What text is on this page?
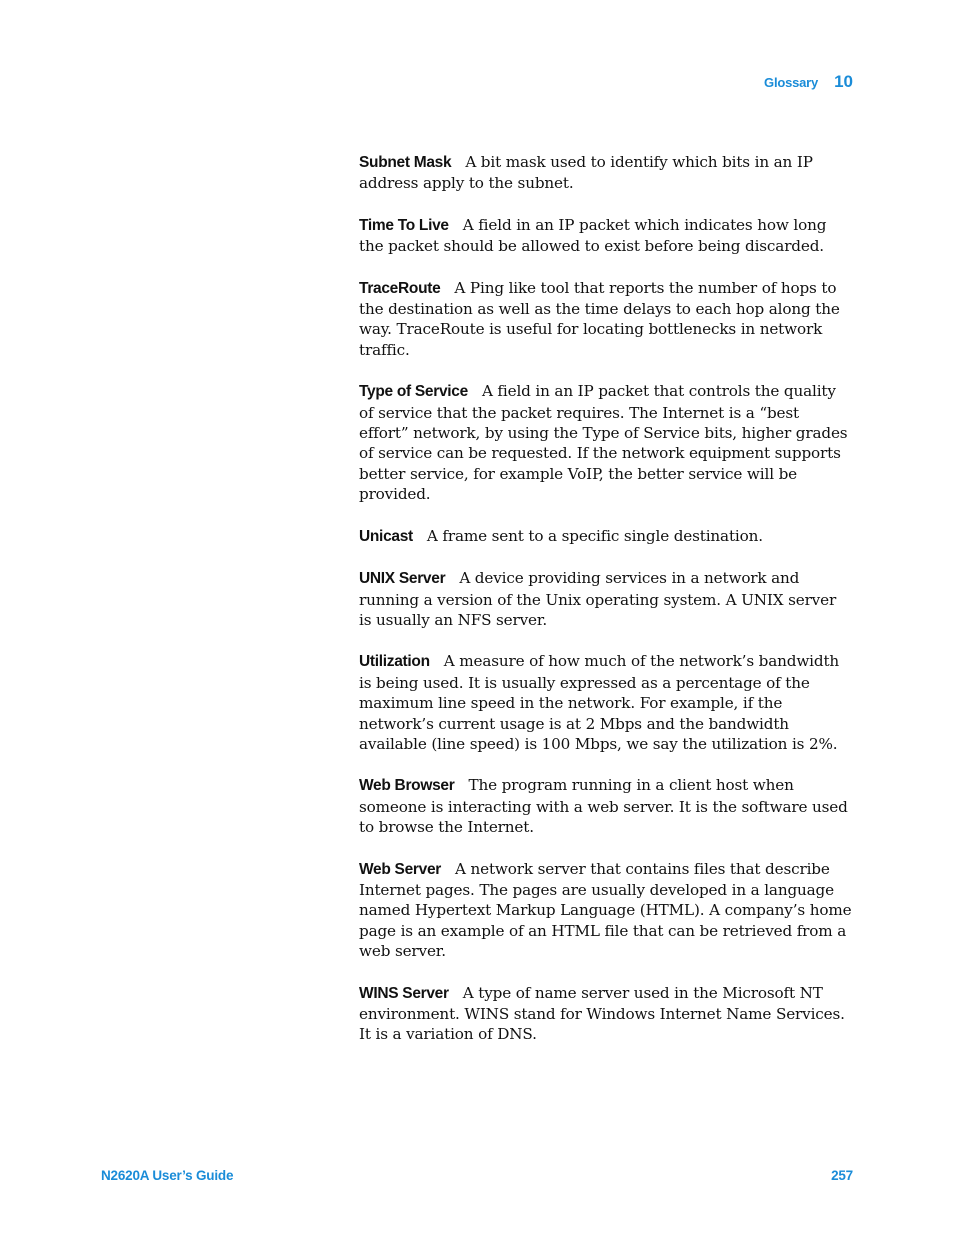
Glossary 10

Subnet Mask A bit mask used to identify which bits in an IP address apply to the subnet.

Time To Live A field in an IP packet which indicates how long the packet should be allowed to exist before being discarded.

TraceRoute A Ping like tool that reports the number of hops to the destination as well as the time delays to each hop along the way. TraceRoute is useful for locating bottlenecks in network traffic.

Type of Service A field in an IP packet that controls the quality of service that the packet requires. The Internet is a “best effort” network, by using the Type of Service bits, higher grades of service can be requested. If the network equipment supports better service, for example VoIP, the better service will be provided.

Unicast A frame sent to a specific single destination.

UNIX Server A device providing services in a network and running a version of the Unix operating system. A UNIX server is usually an NFS server.

Utilization A measure of how much of the network’s bandwidth is being used. It is usually expressed as a percentage of the maximum line speed in the network. For example, if the network’s current usage is at 2 Mbps and the bandwidth available (line speed) is 100 Mbps, we say the utilization is 2%.

Web Browser The program running in a client host when someone is interacting with a web server. It is the software used to browse the Internet.

Web Server A network server that contains files that describe Internet pages. The pages are usually developed in a language named Hypertext Markup Language (HTML). A company’s home page is an example of an HTML file that can be retrieved from a web server.

WINS Server A type of name server used in the Microsoft NT environment. WINS stand for Windows Internet Name Services. It is a variation of DNS.

N2620A User’s Guide	257
